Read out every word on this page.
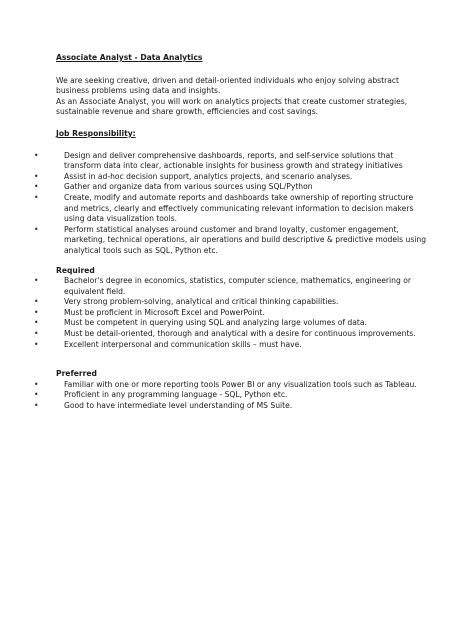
Associate Analyst - Data Analytics

We are seeking creative, driven and detail-oriented individuals who enjoy solving abstract business problems using data and insights.

As an Associate Analyst, you will work on analytics projects that create customer strategies, sustainable revenue and share growth, efficiencies and cost savings.

Job Responsibility:

•	Design and deliver comprehensive dashboards, reports, and self-service solutions that transform data into clear, actionable insights for business growth and strategy initiatives
•	Assist in ad-hoc decision support, analytics projects, and scenario analyses.
•	Gather and organize data from various sources using SQL/Python
•	Create, modify and automate reports and dashboards take ownership of reporting structure and metrics, clearly and effectively communicating relevant information to decision makers using data visualization tools.
•	Perform statistical analyses around customer and brand loyalty, customer engagement, marketing, technical operations, air operations and build descriptive & predictive models using analytical tools such as SQL, Python etc.

Required

•	Bachelor's degree in economics, statistics, computer science, mathematics, engineering or equivalent field.
•	Very strong problem-solving, analytical and critical thinking capabilities.
•	Must be proficient in Microsoft Excel and PowerPoint.
•	Must be competent in querying using SQL and analyzing large volumes of data.
•	Must be detail-oriented, thorough and analytical with a desire for continuous improvements.
•	Excellent interpersonal and communication skills – must have.

Preferred

•	Familiar with one or more reporting tools Power BI or any visualization tools such as Tableau.
•	Proficient in any programming language - SQL, Python etc.
•	Good to have intermediate level understanding of MS Suite.
